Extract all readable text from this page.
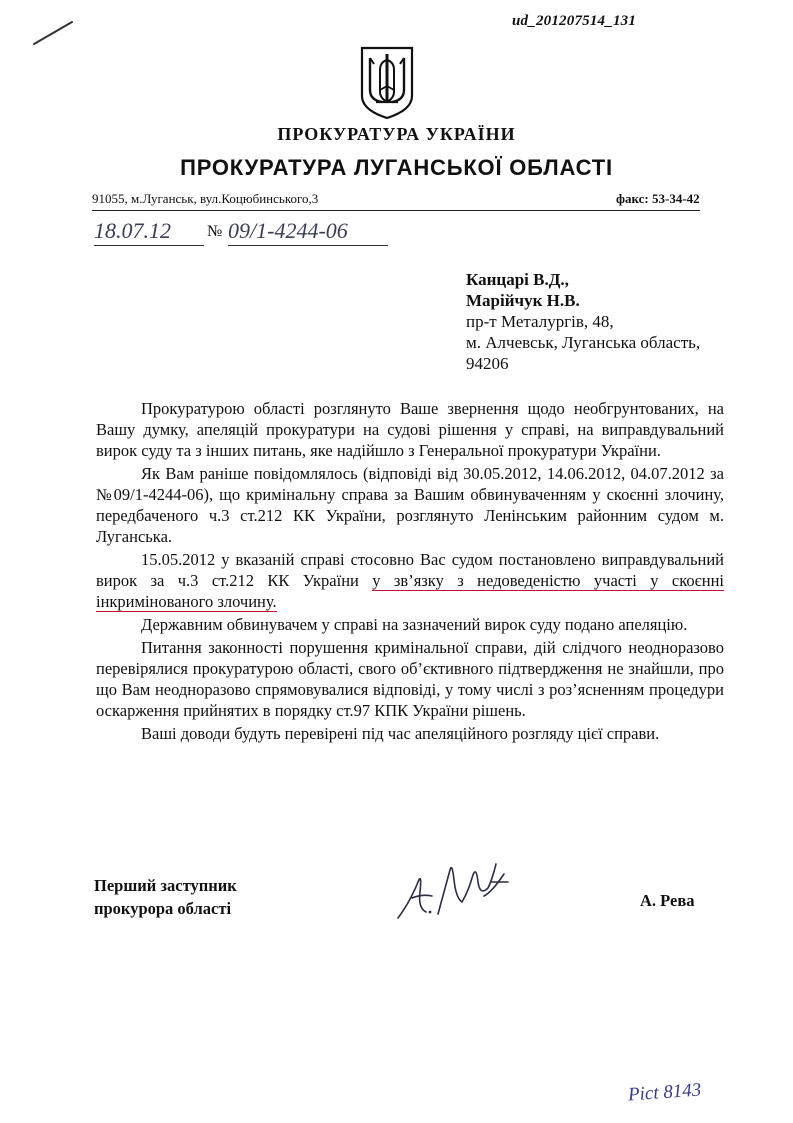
ud_201207514_131
ПРОКУРАТУРА УКРАЇНИ
ПРОКУРАТУРА ЛУГАНСЬКОЇ ОБЛАСТІ
91055, м.Луганськ, вул.Коцюбинського,3	факс: 53-34-42
18.07.12	№ 09/1-4244-06
Канцарі В.Д.,
Марійчук Н.В.
пр-т Металургів, 48,
м. Алчевськ, Луганська область,
94206

Прокуратурою області розглянуто Ваше звернення щодо необгрунтованих, на Вашу думку, апеляцій прокуратури на судові рішення у справі, на виправдувальний вирок суду та з інших питань, яке надійшло з Генеральної прокуратури України.

Як Вам раніше повідомлялось (відповіді від 30.05.2012, 14.06.2012, 04.07.2012 за №09/1-4244-06), що кримінальну справа за Вашим обвинуваченням у скоєнні злочину, передбаченого ч.3 ст.212 КК України, розглянуто Ленінським районним судом м. Луганська.

15.05.2012 у вказаній справі стосовно Вас судом постановлено виправдувальний вирок за ч.3 ст.212 КК України у зв’язку з недоведеністю участі у скоєнні інкримінованого злочину.

Державним обвинувачем у справі на зазначений вирок суду подано апеляцію.

Питання законності порушення кримінальної справи, дій слідчого неодноразово перевірялися прокуратурою області, свого об’єктивного підтвердження не знайшли, про що Вам неодноразово спрямовувалися відповіді, у тому числі з роз’ясненням процедури оскарження прийнятих в порядку ст.97 КПК України рішень.

Ваші доводи будуть перевірені під час апеляційного розгляду цієї справи.

Перший заступник
прокурора області	А. Рева
Pict 8143
